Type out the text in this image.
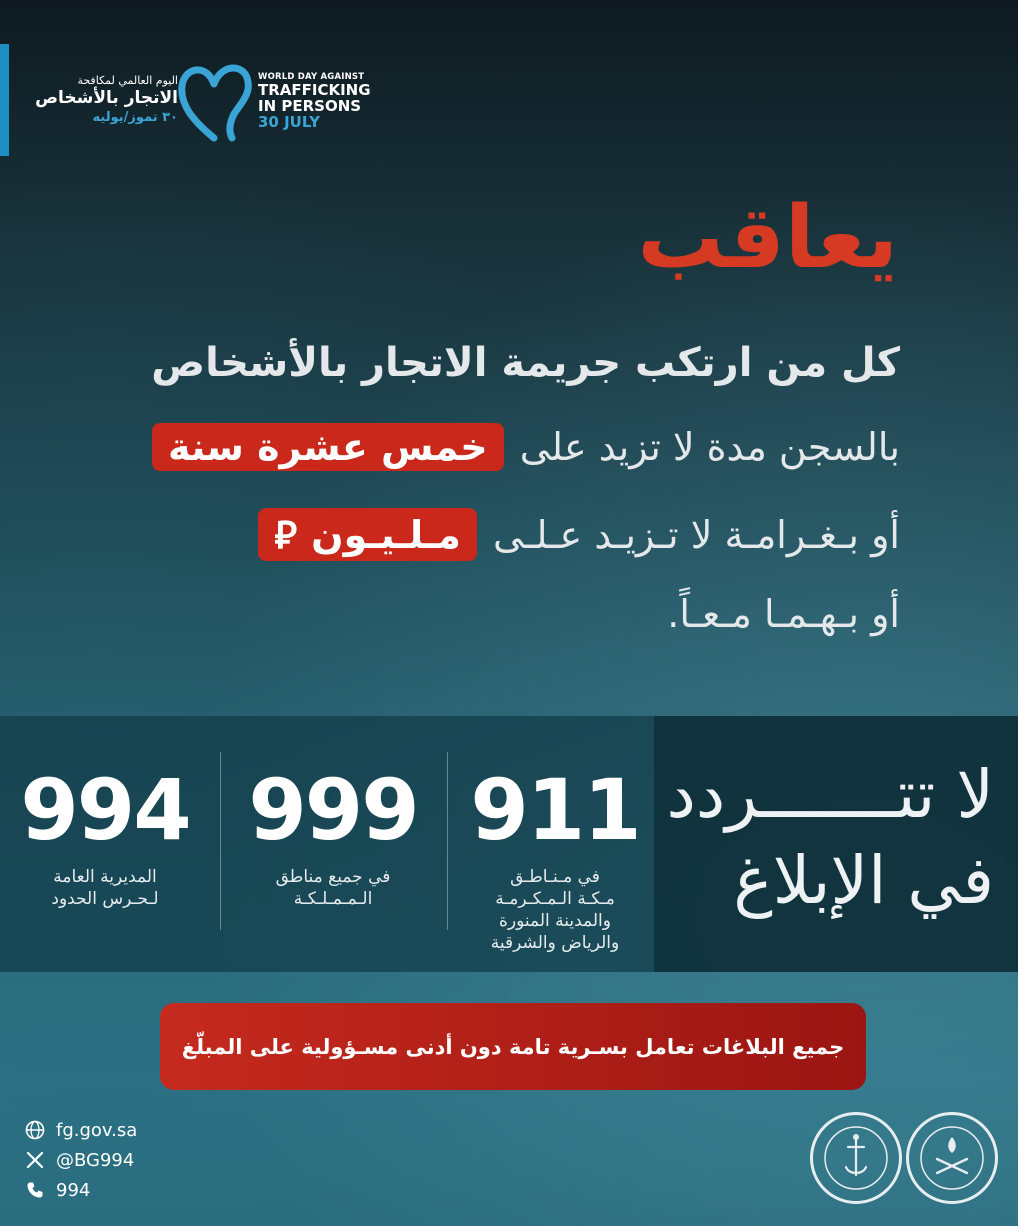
اليوم العالمي لمكافحة
الاتجار بالأشخاص
٣٠ تموز/يوليه
WORLD DAY AGAINST
TRAFFICKING
IN PERSONS
30 JULY
يعاقب
كل من ارتكب جريمة الاتجار بالأشخاص
بالسجن مدة لا تزيد على خمس عشرة سنة
أو بـغـرامـة لا تـزيـد عـلـى مـلـيـون ⃁
أو بـهـمـا مـعـاً.
لا تتـــــــردد
في الإبلاغ
911
في مـنـاطـق
مـكـة الـمـكـرمـة
والمدينة المنورة
والرياض والشرقية
999
في جميع مناطق
الـمـمـلـكـة
994
المديرية العامة
لـحـرس الحدود
جميع البلاغات تعامل بسـرية تامة دون أدنى مسـؤولية على المبلّغ
fg.gov.sa
@BG994
994
